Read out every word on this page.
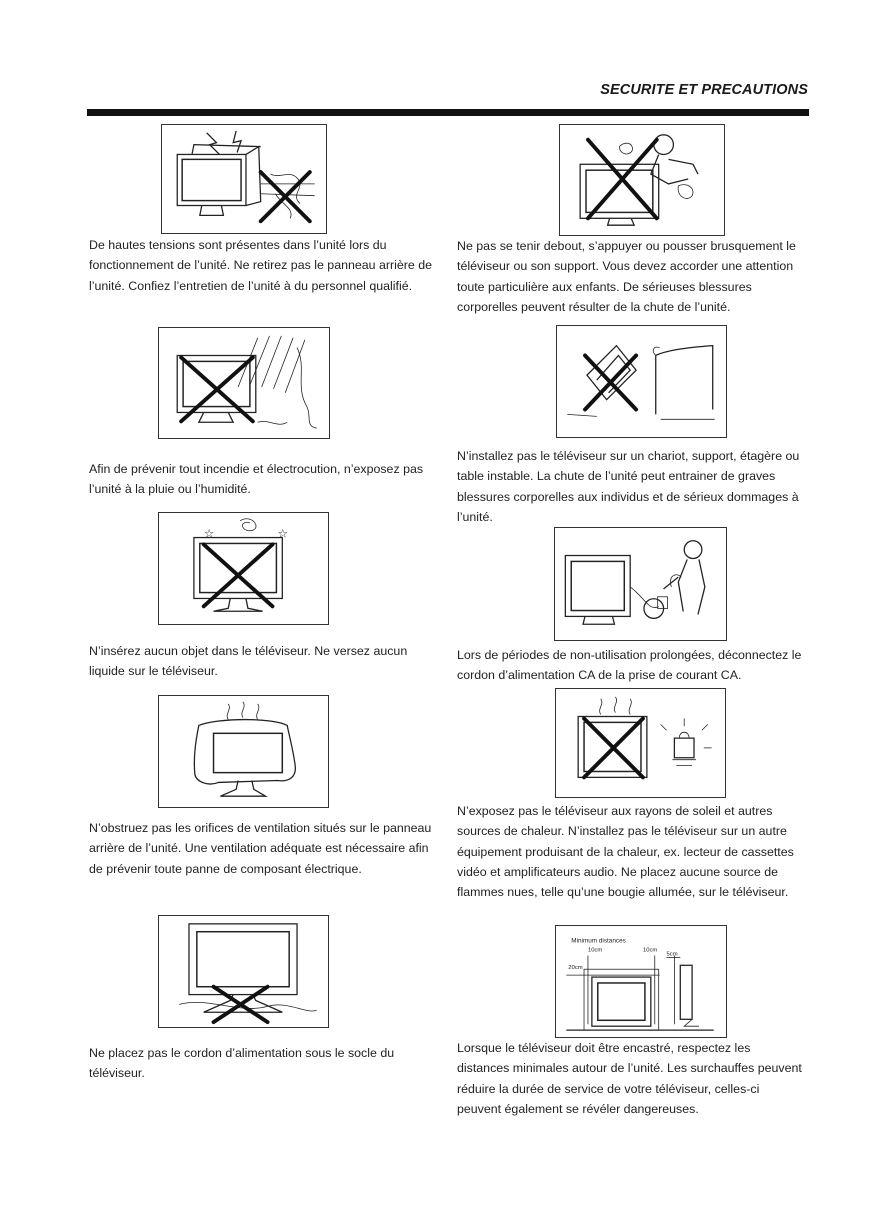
SECURITE ET PRECAUTIONS

De hautes tensions sont présentes dans l’unité lors du fonctionnement de l’unité. Ne retirez pas le panneau arrière de l’unité. Confiez l’entretien de l’unité à du personnel qualifié.

Afin de prévenir tout incendie et électrocution, n’exposez pas l’unité à la pluie ou l’humidité.

☆	☆

N’insérez aucun objet dans le téléviseur. Ne versez aucun liquide sur le téléviseur.

N’obstruez pas les orifices de ventilation situés sur le panneau arrière de l’unité. Une ventilation adéquate est nécessaire afin de prévenir toute panne de composant électrique.

Ne placez pas le cordon d’alimentation sous le socle du téléviseur.

Ne pas se tenir debout, s’appuyer ou pousser brusquement le téléviseur ou son support. Vous devez accorder une attention toute particulière aux enfants. De sérieuses blessures corporelles peuvent résulter de la chute de l’unité.

N’installez pas le téléviseur sur un chariot, support, étagère ou table instable. La chute de l’unité peut entrainer de graves blessures corporelles aux individus et de sérieux dommages à l’unité.

Lors de périodes de non-utilisation prolongées, déconnectez le cordon d’alimentation CA de la prise de courant CA.

N’exposez pas le téléviseur aux rayons de soleil et autres sources de chaleur. N’installez pas le téléviseur sur un autre équipement produisant de la chaleur, ex. lecteur de cassettes vidéo et amplificateurs audio. Ne placez aucune source de flammes nues, telle qu’une bougie allumée, sur le téléviseur.

Minimum distances
10cm	10cm
5cm
20cm

Lorsque le téléviseur doit être encastré, respectez les distances minimales autour de l’unité. Les surchauffes peuvent réduire la durée de service de votre téléviseur, celles-ci peuvent également se révéler dangereuses.
